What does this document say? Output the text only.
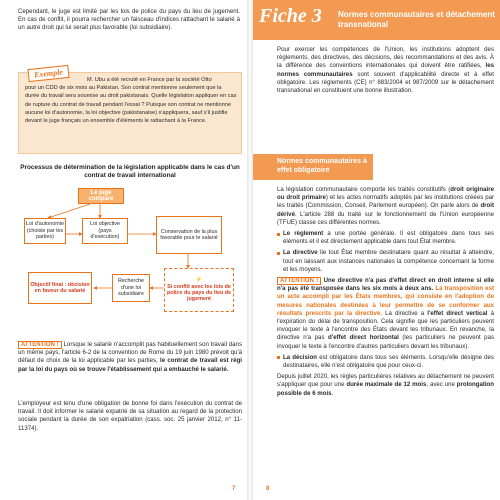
Cependant, le juge est limité par les lois de police du pays du lieu de jugement. En cas de conflit, il pourra rechercher un faisceau d'indices rattachant le salarié à un autre droit qui lui serait plus favorable (loi subsidiaire).

M. Ubu a été recruté en France par la société Otto

pour un CDD de six mois au Pakistan. Son contrat mentionne seulement que la durée du travail sera soumise au droit pakistanais. Quelle législation appliquer en cas de rupture du contrat de travail pendant l'essai ? Puisque son contrat ne mentionne aucune loi d'autonomie, la loi objective (pakistanaise) s'appliquera, sauf s'il justifie devant le juge français un ensemble d'éléments le rattachant à la France.

Exemple
Processus de détermination de la législation applicable dans le cas d'un contrat de travail international
Le juge compare
Loi d'autonomie (choisie par les parties)
Loi objective (pays d'exécution)
Conservation de la plus favorable pour le salarié
Objectif final : décision en faveur du salarié
Recherche d'une loi subsidiaire
⚡
Si conflit avec les lois de police du pays du lieu de jugement

ATTENTION ! Lorsque le salarié n'accomplit pas habituellement son travail dans un même pays, l'article 6-2 de la convention de Rome du 19 juin 1980 prévoit qu'à défaut de choix de la loi applicable par les parties, le contrat de travail est régi par la loi du pays où se trouve l'établissement qui a embauché le salarié.

L'employeur est tenu d'une obligation de bonne foi dans l'exécution du contrat de travail. Il doit informer le salarié expatrié de sa situation au regard de la protection sociale pendant la durée de son expatriation (cass. soc. 25 janvier 2012, n° 11-11374).

7
Fiche 3 Normes communautaires et détachement transnational

Pour exercer les compétences de l'Union, les institutions adoptent des règlements, des directives, des décisions, des recommandations et des avis. À la différence des conventions internationales qui doivent être ratifiées, les normes communautaires sont souvent d'applicabilité directe et à effet obligatoire. Les règlements (CE) n° 883/2004 et 987/2009 sur le détachement transnational en constituent une bonne illustration.

Normes communautaires à effet obligatoire

La législation communautaire comporte les traités constitutifs (droit originaire ou droit primaire) et les actes normatifs adoptés par les institutions créées par les traités (Commission, Conseil, Parlement européen). On parle alors de droit dérivé. L'article 288 du traité sur le fonctionnement de l'Union européenne (TFUE) classe ces différentes normes.

Le règlement a une portée générale. Il est obligatoire dans tous ses éléments et il est directement applicable dans tout État membre.

La directive lie tout État membre destinataire quant au résultat à atteindre, tout en laissant aux instances nationales la compétence concernant la forme et les moyens.

ATTENTION ! Une directive n'a pas d'effet direct en droit interne si elle n'a pas été transposée dans les six mois à deux ans. La transposition est un acte accompli par les États membres, qui consiste en l'adoption de mesures nationales destinées à leur permettre de se conformer aux résultats prescrits par la directive. La directive a l'effet direct vertical à l'expiration du délai de transposition. Cela signifie que les particuliers peuvent invoquer le texte à l'encontre des États devant les tribunaux. En revanche, la directive n'a pas d'effet direct horizontal (les particuliers ne peuvent pas invoquer le texte à l'encontre d'autres particuliers devant les tribunaux).

La décision est obligatoire dans tous ses éléments. Lorsqu'elle désigne des destinataires, elle n'est obligatoire que pour ceux-ci.

Depuis juillet 2020, les règles particulières relatives au détachement ne peuvent s'appliquer que pour une durée maximale de 12 mois, avec une prolongation possible de 6 mois.

8
